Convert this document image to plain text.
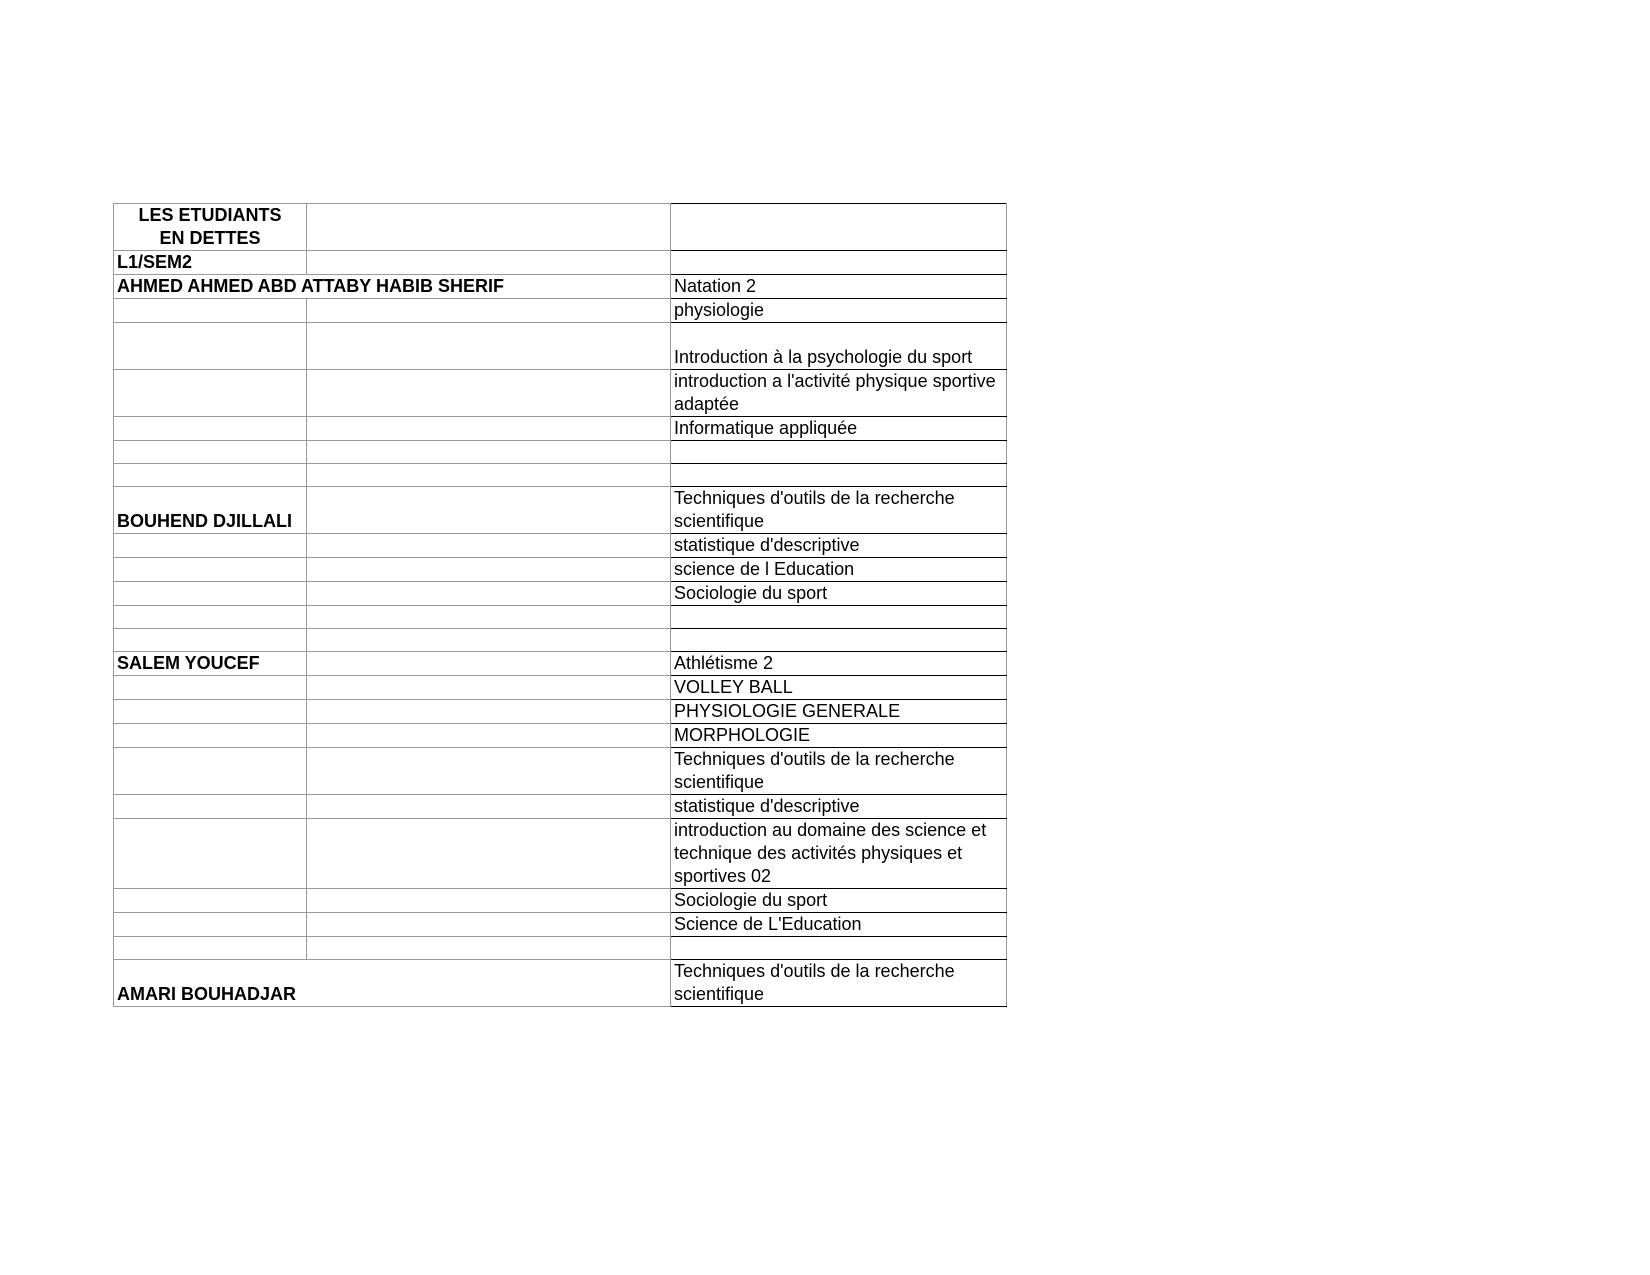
LES ETUDIANTS
EN DETTES		
L1/SEM2		
AHMED AHMED ABD ATTABY HABIB SHERIF		Natation 2
		physiologie
		Introduction à la psychologie du sport
		introduction a l'activité physique sportive adaptée
		Informatique appliquée

BOUHEND DJILLALI		Techniques d'outils de la recherche scientifique
		statistique d'descriptive
		science de l Education
		Sociologie du sport

SALEM YOUCEF		Athlétisme 2
		VOLLEY BALL
		PHYSIOLOGIE GENERALE
		MORPHOLOGIE
		Techniques d'outils de la recherche scientifique
		statistique d'descriptive
		introduction au domaine des science et technique des activités physiques et sportives 02
		Sociologie du sport
		Science de L'Education

AMARI BOUHADJAR		Techniques d'outils de la recherche scientifique
